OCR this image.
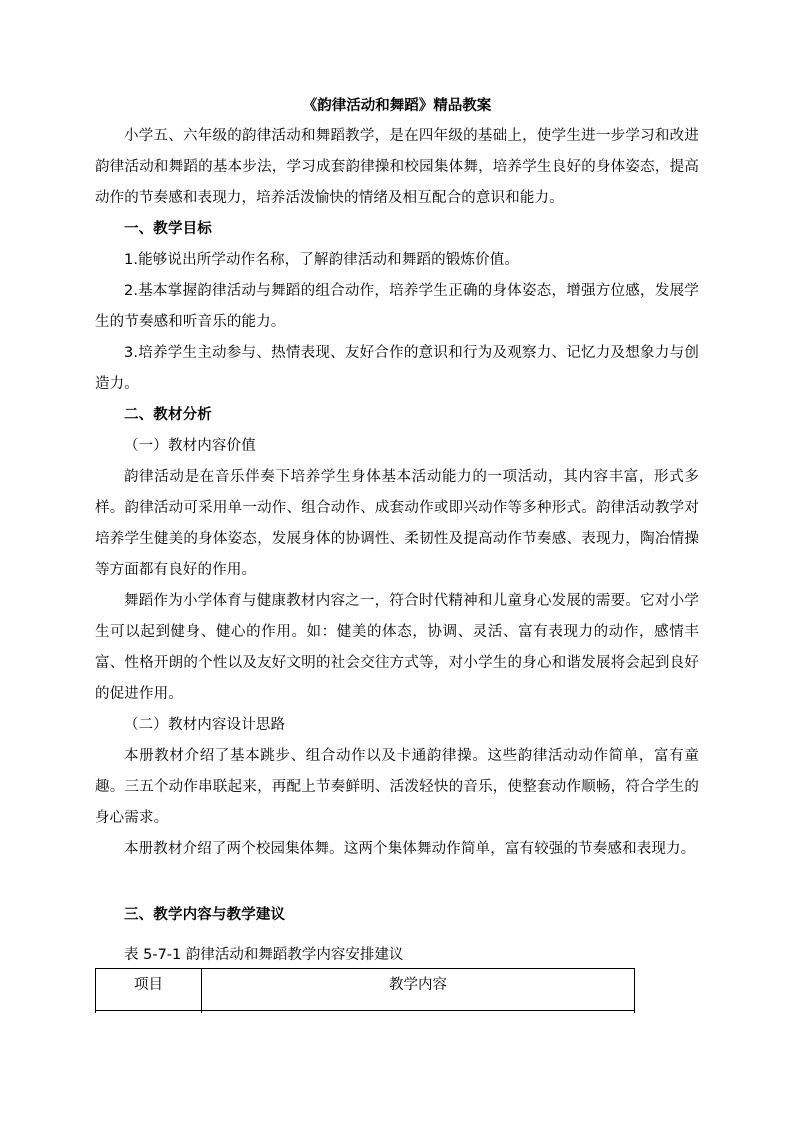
《韵律活动和舞蹈》精品教案

小学五、六年级的韵律活动和舞蹈教学，是在四年级的基础上，使学生进一步学习和改进韵律活动和舞蹈的基本步法，学习成套韵律操和校园集体舞，培养学生良好的身体姿态，提高动作的节奏感和表现力，培养活泼愉快的情绪及相互配合的意识和能力。

一、教学目标

1.能够说出所学动作名称，了解韵律活动和舞蹈的锻炼价值。

2.基本掌握韵律活动与舞蹈的组合动作，培养学生正确的身体姿态，增强方位感，发展学生的节奏感和听音乐的能力。

3.培养学生主动参与、热情表现、友好合作的意识和行为及观察力、记忆力及想象力与创造力。

二、教材分析

（一）教材内容价值

韵律活动是在音乐伴奏下培养学生身体基本活动能力的一项活动，其内容丰富，形式多样。韵律活动可采用单一动作、组合动作、成套动作或即兴动作等多种形式。韵律活动教学对培养学生健美的身体姿态，发展身体的协调性、柔韧性及提高动作节奏感、表现力，陶冶情操等方面都有良好的作用。

舞蹈作为小学体育与健康教材内容之一，符合时代精神和儿童身心发展的需要。它对小学生可以起到健身、健心的作用。如：健美的体态，协调、灵活、富有表现力的动作，感情丰富、性格开朗的个性以及友好文明的社会交往方式等，对小学生的身心和谐发展将会起到良好的促进作用。

（二）教材内容设计思路

本册教材介绍了基本跳步、组合动作以及卡通韵律操。这些韵律活动动作简单，富有童趣。三五个动作串联起来，再配上节奏鲜明、活泼轻快的音乐，使整套动作顺畅，符合学生的身心需求。

本册教材介绍了两个校园集体舞。这两个集体舞动作简单，富有较强的节奏感和表现力。

三、教学内容与教学建议

表 5-7-1 韵律活动和舞蹈教学内容安排建议

项目	教学内容
